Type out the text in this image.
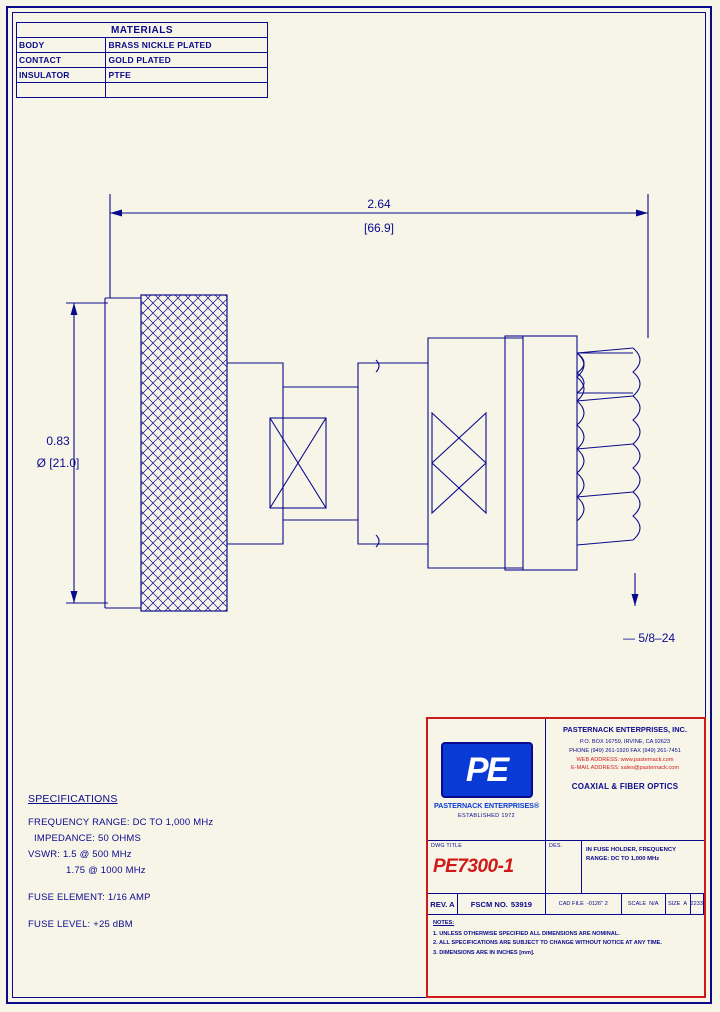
MATERIALS	
BODY	BRASS NICKLE PLATED
CONTACT	GOLD PLATED
INSULATOR	PTFE

2.64
[66.9]
0.83
Ø [21.0]
— 5/8–24
SPECIFICATIONS
FREQUENCY RANGE: DC TO 1,000 MHz
IMPEDANCE: 50 OHMS
VSWR: 1.5 @ 500 MHz
1.75 @ 1000 MHz
FUSE ELEMENT: 1/16 AMP
FUSE LEVEL: +25 dBM
PE
PASTERNACK ENTERPRISES®
ESTABLISHED 1972
PASTERNACK ENTERPRISES, INC.
P.O. BOX 16759, IRVINE, CA 92623
PHONE (949) 261-1920 FAX (949) 261-7451
WEB ADDRESS: www.pasternack.com
E-MAIL ADDRESS: sales@pasternack.com
COAXIAL & FIBER OPTICS
DWG TITLE
PE7300-1
DES.
IN FUSE HOLDER, FREQUENCY RANGE: DC TO 1,000 MHz
REV. A FSCM NO. 53919	CAD FILE -0126" 2	SCALE N/A SIZE A 2233
NOTES:
1. UNLESS OTHERWISE SPECIFIED ALL DIMENSIONS ARE NOMINAL.
2. ALL SPECIFICATIONS ARE SUBJECT TO CHANGE WITHOUT NOTICE AT ANY TIME.
3. DIMENSIONS ARE IN INCHES [mm].
